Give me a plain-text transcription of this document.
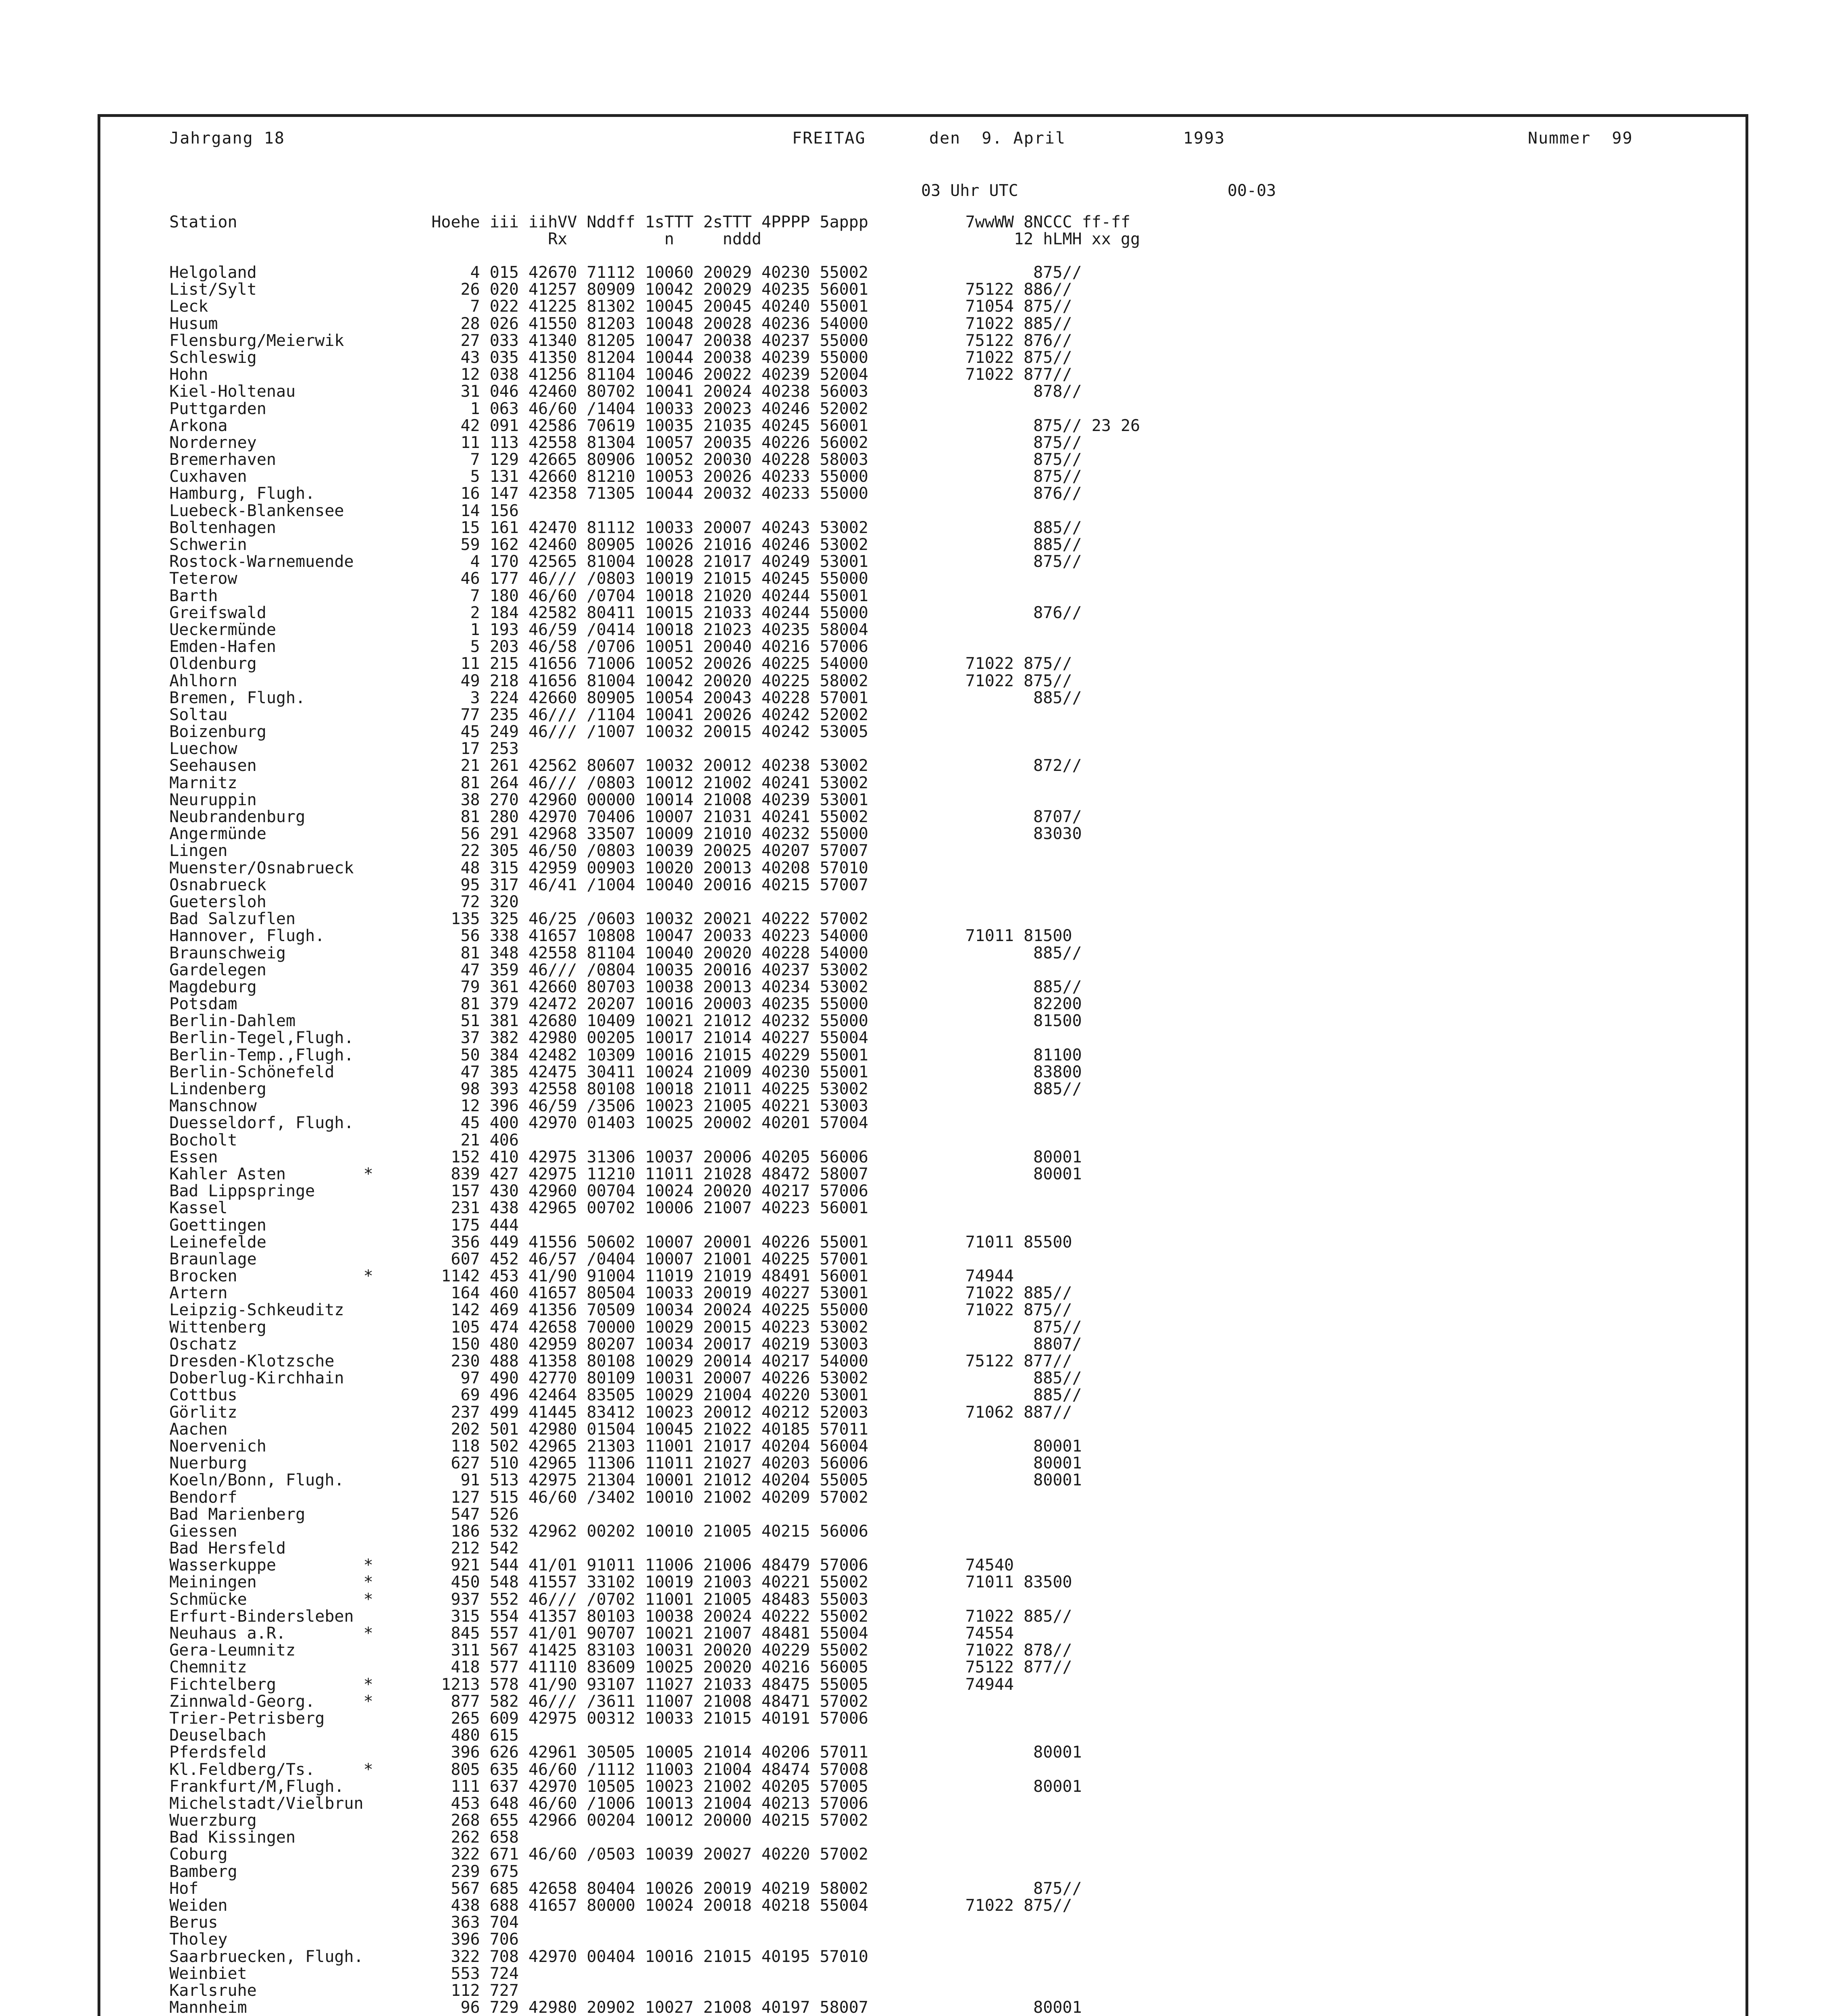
Jahrgang 18	FREITAG	den  9. April	1993	Nummer  99
03 Uhr UTC	00-03
Station                    Hoehe iii iihVV Nddff 1sTTT 2sTTT 4PPPP 5appp          7wwWW 8NCCC ff-ff
Rx          n     nddd                          12 hLMH xx gg
Helgoland                      4 015 42670 71112 10060 20029 40230 55002                 875//
List/Sylt                     26 020 41257 80909 10042 20029 40235 56001          75122 886//
Leck                           7 022 41225 81302 10045 20045 40240 55001          71054 875//
Husum                         28 026 41550 81203 10048 20028 40236 54000          71022 885//
Flensburg/Meierwik            27 033 41340 81205 10047 20038 40237 55000          75122 876//
Schleswig                     43 035 41350 81204 10044 20038 40239 55000          71022 875//
Hohn                          12 038 41256 81104 10046 20022 40239 52004          71022 877//
Kiel-Holtenau                 31 046 42460 80702 10041 20024 40238 56003                 878//
Puttgarden                     1 063 46/60 /1404 10033 20023 40246 52002
Arkona                        42 091 42586 70619 10035 21035 40245 56001                 875// 23 26
Norderney                     11 113 42558 81304 10057 20035 40226 56002                 875//
Bremerhaven                    7 129 42665 80906 10052 20030 40228 58003                 875//
Cuxhaven                       5 131 42660 81210 10053 20026 40233 55000                 875//
Hamburg, Flugh.               16 147 42358 71305 10044 20032 40233 55000                 876//
Luebeck-Blankensee            14 156
Boltenhagen                   15 161 42470 81112 10033 20007 40243 53002                 885//
Schwerin                      59 162 42460 80905 10026 21016 40246 53002                 885//
Rostock-Warnemuende            4 170 42565 81004 10028 21017 40249 53001                 875//
Teterow                       46 177 46/// /0803 10019 21015 40245 55000
Barth                          7 180 46/60 /0704 10018 21020 40244 55001
Greifswald                     2 184 42582 80411 10015 21033 40244 55000                 876//
Ueckermünde                    1 193 46/59 /0414 10018 21023 40235 58004
Emden-Hafen                    5 203 46/58 /0706 10051 20040 40216 57006
Oldenburg                     11 215 41656 71006 10052 20026 40225 54000          71022 875//
Ahlhorn                       49 218 41656 81004 10042 20020 40225 58002          71022 875//
Bremen, Flugh.                 3 224 42660 80905 10054 20043 40228 57001                 885//
Soltau                        77 235 46/// /1104 10041 20026 40242 52002
Boizenburg                    45 249 46/// /1007 10032 20015 40242 53005
Luechow                       17 253
Seehausen                     21 261 42562 80607 10032 20012 40238 53002                 872//
Marnitz                       81 264 46/// /0803 10012 21002 40241 53002
Neuruppin                     38 270 42960 00000 10014 21008 40239 53001
Neubrandenburg                81 280 42970 70406 10007 21031 40241 55002                 8707/
Angermünde                    56 291 42968 33507 10009 21010 40232 55000                 83030
Lingen                        22 305 46/50 /0803 10039 20025 40207 57007
Muenster/Osnabrueck           48 315 42959 00903 10020 20013 40208 57010
Osnabrueck                    95 317 46/41 /1004 10040 20016 40215 57007
Guetersloh                    72 320
Bad Salzuflen                135 325 46/25 /0603 10032 20021 40222 57002
Hannover, Flugh.              56 338 41657 10808 10047 20033 40223 54000          71011 81500
Braunschweig                  81 348 42558 81104 10040 20020 40228 54000                 885//
Gardelegen                    47 359 46/// /0804 10035 20016 40237 53002
Magdeburg                     79 361 42660 80703 10038 20013 40234 53002                 885//
Potsdam                       81 379 42472 20207 10016 20003 40235 55000                 82200
Berlin-Dahlem                 51 381 42680 10409 10021 21012 40232 55000                 81500
Berlin-Tegel,Flugh.           37 382 42980 00205 10017 21014 40227 55004
Berlin-Temp.,Flugh.           50 384 42482 10309 10016 21015 40229 55001                 81100
Berlin-Schönefeld             47 385 42475 30411 10024 21009 40230 55001                 83800
Lindenberg                    98 393 42558 80108 10018 21011 40225 53002                 885//
Manschnow                     12 396 46/59 /3506 10023 21005 40221 53003
Duesseldorf, Flugh.           45 400 42970 01403 10025 20002 40201 57004
Bocholt                       21 406
Essen                        152 410 42975 31306 10037 20006 40205 56006                 80001
Kahler Asten        *        839 427 42975 11210 11011 21028 48472 58007                 80001
Bad Lippspringe              157 430 42960 00704 10024 20020 40217 57006
Kassel                       231 438 42965 00702 10006 21007 40223 56001
Goettingen                   175 444
Leinefelde                   356 449 41556 50602 10007 20001 40226 55001          71011 85500
Braunlage                    607 452 46/57 /0404 10007 21001 40225 57001
Brocken             *       1142 453 41/90 91004 11019 21019 48491 56001          74944
Artern                       164 460 41657 80504 10033 20019 40227 53001          71022 885//
Leipzig-Schkeuditz           142 469 41356 70509 10034 20024 40225 55000          71022 875//
Wittenberg                   105 474 42658 70000 10029 20015 40223 53002                 875//
Oschatz                      150 480 42959 80207 10034 20017 40219 53003                 8807/
Dresden-Klotzsche            230 488 41358 80108 10029 20014 40217 54000          75122 877//
Doberlug-Kirchhain            97 490 42770 80109 10031 20007 40226 53002                 885//
Cottbus                       69 496 42464 83505 10029 21004 40220 53001                 885//
Görlitz                      237 499 41445 83412 10023 20012 40212 52003          71062 887//
Aachen                       202 501 42980 01504 10045 21022 40185 57011
Noervenich                   118 502 42965 21303 11001 21017 40204 56004                 80001
Nuerburg                     627 510 42965 11306 11011 21027 40203 56006                 80001
Koeln/Bonn, Flugh.            91 513 42975 21304 10001 21012 40204 55005                 80001
Bendorf                      127 515 46/60 /3402 10010 21002 40209 57002
Bad Marienberg               547 526
Giessen                      186 532 42962 00202 10010 21005 40215 56006
Bad Hersfeld                 212 542
Wasserkuppe         *        921 544 41/01 91011 11006 21006 48479 57006          74540
Meiningen           *        450 548 41557 33102 10019 21003 40221 55002          71011 83500
Schmücke            *        937 552 46/// /0702 11001 21005 48483 55003
Erfurt-Bindersleben          315 554 41357 80103 10038 20024 40222 55002          71022 885//
Neuhaus a.R.        *        845 557 41/01 90707 10021 21007 48481 55004          74554
Gera-Leumnitz                311 567 41425 83103 10031 20020 40229 55002          71022 878//
Chemnitz                     418 577 41110 83609 10025 20020 40216 56005          75122 877//
Fichtelberg         *       1213 578 41/90 93107 11027 21033 48475 55005          74944
Zinnwald-Georg.     *        877 582 46/// /3611 11007 21008 48471 57002
Trier-Petrisberg             265 609 42975 00312 10033 21015 40191 57006
Deuselbach                   480 615
Pferdsfeld                   396 626 42961 30505 10005 21014 40206 57011                 80001
Kl.Feldberg/Ts.     *        805 635 46/60 /1112 11003 21004 48474 57008
Frankfurt/M,Flugh.           111 637 42970 10505 10023 21002 40205 57005                 80001
Michelstadt/Vielbrun         453 648 46/60 /1006 10013 21004 40213 57006
Wuerzburg                    268 655 42966 00204 10012 20000 40215 57002
Bad Kissingen                262 658
Coburg                       322 671 46/60 /0503 10039 20027 40220 57002
Bamberg                      239 675
Hof                          567 685 42658 80404 10026 20019 40219 58002                 875//
Weiden                       438 688 41657 80000 10024 20018 40218 55004          71022 875//
Berus                        363 704
Tholey                       396 706
Saarbruecken, Flugh.         322 708 42970 00404 10016 21015 40195 57010
Weinbiet                     553 724
Karlsruhe                    112 727
Mannheim                      96 729 42980 20902 10027 21008 40197 58007                 80001
